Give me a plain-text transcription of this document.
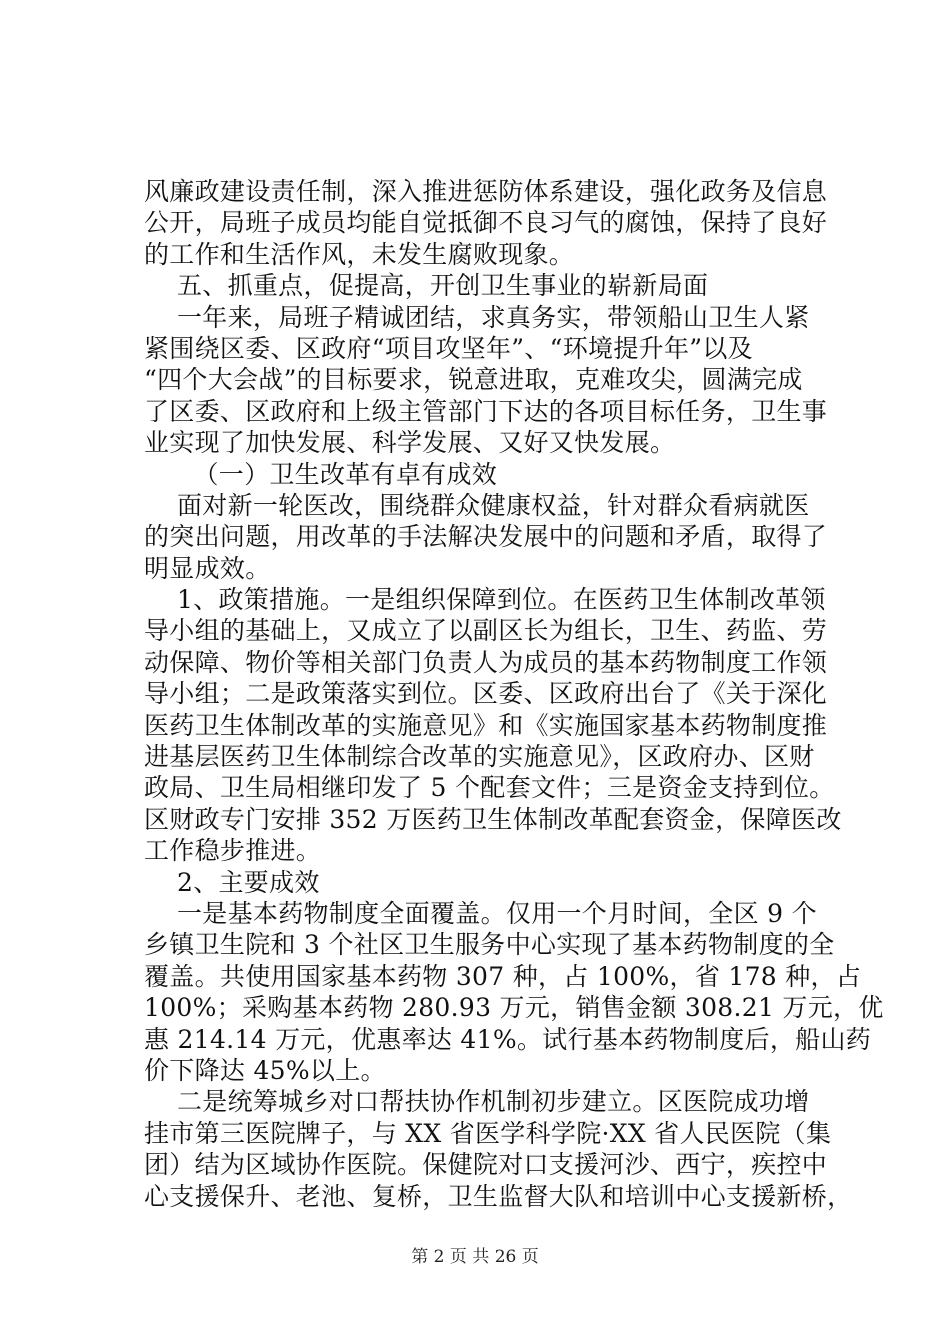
风廉政建设责任制，深入推进惩防体系建设，强化政务及信息
公开，局班子成员均能自觉抵御不良习气的腐蚀，保持了良好
的工作和生活作风，未发生腐败现象。
五、抓重点，促提高，开创卫生事业的崭新局面
一年来，局班子精诚团结，求真务实，带领船山卫生人紧
紧围绕区委、区政府“项目攻坚年”、“环境提升年”以及
“四个大会战”的目标要求，锐意进取，克难攻尖，圆满完成
了区委、区政府和上级主管部门下达的各项目标任务，卫生事
业实现了加快发展、科学发展、又好又快发展。
（一）卫生改革有卓有成效
面对新一轮医改，围绕群众健康权益，针对群众看病就医
的突出问题，用改革的手法解决发展中的问题和矛盾，取得了
明显成效。
1、政策措施。一是组织保障到位。在医药卫生体制改革领
导小组的基础上，又成立了以副区长为组长，卫生、药监、劳
动保障、物价等相关部门负责人为成员的基本药物制度工作领
导小组；二是政策落实到位。区委、区政府出台了《关于深化
医药卫生体制改革的实施意见》和《实施国家基本药物制度推
进基层医药卫生体制综合改革的实施意见》，区政府办、区财
政局、卫生局相继印发了 5 个配套文件；三是资金支持到位。
区财政专门安排 352 万医药卫生体制改革配套资金，保障医改
工作稳步推进。
2、主要成效
一是基本药物制度全面覆盖。仅用一个月时间，全区 9 个
乡镇卫生院和 3 个社区卫生服务中心实现了基本药物制度的全
覆盖。共使用国家基本药物 307 种，占 100%，省 178 种，占
100%；采购基本药物 280.93 万元，销售金额 308.21 万元，优
惠 214.14 万元，优惠率达 41%。试行基本药物制度后，船山药
价下降达 45%以上。
二是统筹城乡对口帮扶协作机制初步建立。区医院成功增
挂市第三医院牌子，与 XX 省医学科学院·XX 省人民医院（集
团）结为区域协作医院。保健院对口支援河沙、西宁，疾控中
心支援保升、老池、复桥，卫生监督大队和培训中心支援新桥，
第 2 页 共 26 页
